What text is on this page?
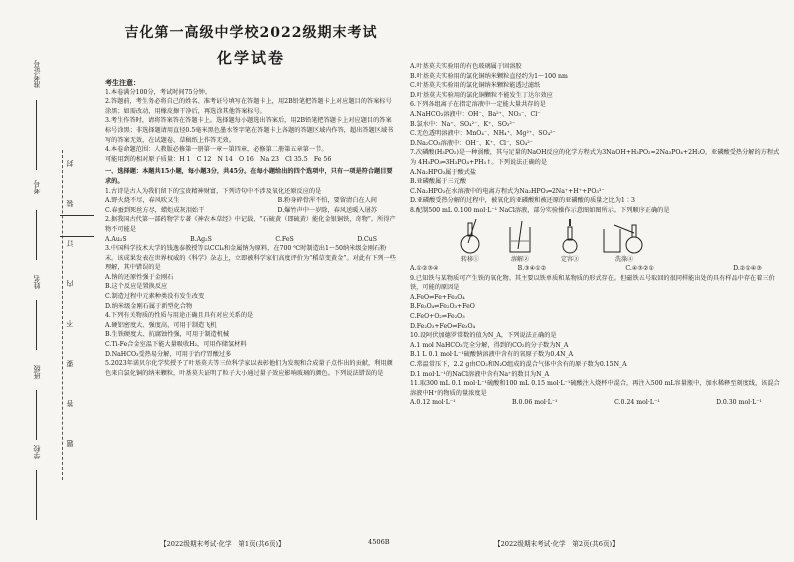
准考证号
考号
姓名
班级
学校
封
装
订
内
不
要
答
题
吉化第一高级中学校2022级期末考试
化学试卷

考生注意：

1.本卷满分100分，考试时间75分钟。

2.答题前，考生务必将自己的姓名、准考证号填写在答题卡上，用2B铅笔把答题卡上对应题目的答案标号涂黑；如需改动，用橡皮擦干净后，再选涂其他答案标号。

3.考生作答时，请将答案答在答题卡上。选择题每小题选出答案后，用2B铅笔把答题卡上对应题目的答案标号涂黑；非选择题请用直径0.5毫米黑色墨水签字笔在答题卡上各题的答题区域内作答，超出答题区域书写的答案无效，在试题卷、草稿纸上作答无效。

4.本卷命题范围：人教版必修第一册第一章～第四章，必修第二册第五章第一节。

可能用到的相对原子质量：H 1　C 12　N 14　O 16　Na 23　Cl 35.5　Fe 56

一、选择题：本题共15小题，每小题3分，共45分。在每小题给出的四个选项中，只有一项是符合题目要求的。

1.古诗是古人为我们留下的宝贵精神财富，下列诗句中不涉及氧化还原反应的是

A.野火烧不尽，春风吹又生	B.粉身碎骨浑不怕，要留清白在人间
C.春蚕到死丝方尽，蜡炬成灰泪始干	D.爆竹声中一岁除，春风送暖入屠苏

2.据我国古代第一部药物学专著《神农本草经》中记载，“石硫黄（即硫黄）能化金银铜铁，奇物”。所得产物不可能是

A.Au₂S	B.Ag₂S	C.FeS	D.CuS

3.中国科学技术大学的钱逸泰教授等以CCl₄和金属钠为原料，在700 ℃时制造出1～50纳米级金刚石粉末。该成果发表在世界权威的《科学》杂志上，立即被科学家们高度评价为“稻草变黄金”。对此有下列一些理解，其中错误的是

A.钠的还原性强于金刚石

B.这个反应是置换反应

C.制造过程中元素种类没有发生改变

D.纳米级金刚石属于新型化合物

4.下列有关物质的性质与用途正确且具有对应关系的是

A.硬铝密度大、强度高，可用于制造飞机

B.生铁硬度大、抗腐蚀性强，可用于制造机械

C.Ti-Fe合金室温下能大量吸收H₂，可用作储氢材料

D.NaHCO₃受热易分解，可用于治疗胃酸过多

5.2023年诺贝尔化学奖授予了叶基莫夫等三位科学家以表彰他们为发现和合成量子点作出的贡献，利用颜色来自氯化铜的纳米颗粒，叶基莫夫证明了粒子大小通过量子效应影响玻璃的颜色。下列说法错误的是

【2022级期末考试·化学　第1页(共6页)】	4506B

A.叶基莫夫实验用的有色玻璃属于固溶胶

B.叶基莫夫实验用的氯化铜纳米颗粒直径约为1～100 nm

C.叶基莫夫实验用的氯化铜纳米颗粒能透过滤纸

D.叶基莫夫实验用的氯化铜颗粒不能发生丁达尔效应

6.下列各组离子在指定溶液中一定能大量共存的是

A.NaHCO₃溶液中：OH⁻、Ba²⁺、NO₃⁻、Cl⁻

B.氯水中：Na⁺、SO₄²⁻、K⁺、SO₃²⁻

C.无色透明溶液中：MnO₄⁻、NH₄⁺、Mg²⁺、SO₄²⁻

D.Na₂CO₃溶液中：OH⁻、K⁺、Cl⁻、SO₄²⁻

7.次磷酸(H₃PO₂)是一种弱酸，其与足量的NaOH反应的化学方程式为3NaOH+H₃PO₂=2Na₃PO₄+2H₂O，亚磷酸受热分解的方程式为 4H₃PO₃═3H₃PO₄+PH₃↑。下列说法正确的是

A.Na₂HPO₃属于酸式盐

B.亚磷酸属于三元酸

C.Na₂HPO₃在水溶液中的电离方程式为Na₂HPO₃═2Na⁺+H⁺+PO₃³⁻

D.亚磷酸受热分解的过程中，被氧化的亚磷酸和被还原的亚磷酸的质量之比为1∶3

8.配制500 mL 0.100 mol·L⁻¹ NaCl溶液，部分实验操作示意图如图所示。下列顺序正确的是

转移①	溶解②	定容③	洗涤④
A.①②③④	B.③④①②	C.④③②①	D.②①④③

9.已知铁与某物质可产生铁的氧化物。其主要以铁单质和某物质的形式存在。但磁铁五号取回的很同样能出处的具有样品中存在着三价铁，可能的原因是

A.FeO⇌Fe+Fe₃O₄

B.Fe₃O₄⇌Fe₂O₃+FeO

C.FeO+O₂⇌Fe₂O₃

D.Fe₂O₃+FeO⇌Fe₃O₄

10.设阿伏加德罗常数的值为N_A，下列说法正确的是

A.1 mol NaHCO₃完全分解，得到的CO₂的分子数为N_A

B.1 L 0.1 mol·L⁻¹硫酸钠溶液中含有的氧原子数为0.4N_A

C.常温常压下，2.2 g由CO₂和N₂O组成的混合气体中含有的原子数为0.15N_A

D.1 mol·L⁻¹的NaCl溶液中含有Na⁺的数目为N_A

11.取300 mL 0.1 mol·L⁻¹硫酸和100 mL 0.15 mol·L⁻¹硫酸注入烧杯中混合，再注入500 mL容量瓶中，加水稀释至刻度线，该混合溶液中H⁺的物质的量浓度是

A.0.12 mol·L⁻¹	B.0.06 mol·L⁻¹	C.0.24 mol·L⁻¹	D.0.30 mol·L⁻¹
【2022级期末考试·化学　第2页(共6页)】
